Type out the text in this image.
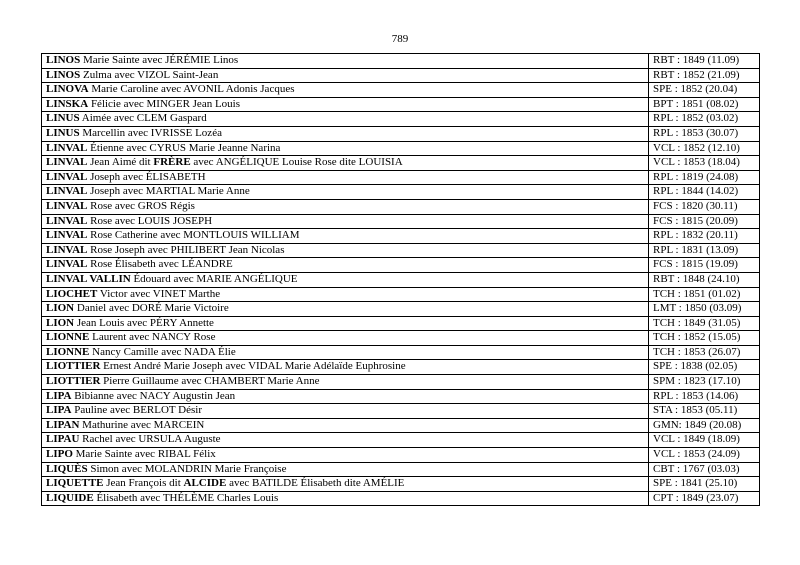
789
LINOS Marie Sainte avec JÉRÉMIE Linos	RBT : 1849 (11.09)
LINOS Zulma avec VIZOL Saint-Jean	RBT : 1852 (21.09)
LINOVA Marie Caroline avec AVONIL Adonis Jacques	SPE : 1852 (20.04)
LINSKA Félicie avec MINGER Jean Louis	BPT : 1851 (08.02)
LINUS Aimée avec CLEM Gaspard	RPL : 1852 (03.02)
LINUS Marcellin avec IVRISSE Lozéa	RPL : 1853 (30.07)
LINVAL Étienne avec CYRUS Marie Jeanne Narina	VCL : 1852 (12.10)
LINVAL Jean Aimé dit FRÈRE avec ANGÉLIQUE Louise Rose dite LOUISIA	VCL : 1853 (18.04)
LINVAL Joseph avec ÉLISABETH	RPL : 1819 (24.08)
LINVAL Joseph avec MARTIAL Marie Anne	RPL : 1844 (14.02)
LINVAL Rose avec GROS Régis	FCS : 1820 (30.11)
LINVAL Rose avec LOUIS JOSEPH	FCS : 1815 (20.09)
LINVAL Rose Catherine avec MONTLOUIS WILLIAM	RPL : 1832 (20.11)
LINVAL Rose Joseph avec PHILIBERT Jean Nicolas	RPL : 1831 (13.09)
LINVAL Rose Élisabeth avec LÉANDRE	FCS : 1815 (19.09)
LINVAL VALLIN Édouard avec MARIE ANGÉLIQUE	RBT : 1848 (24.10)
LIOCHET Victor avec VINET Marthe	TCH : 1851 (01.02)
LION Daniel avec DORÉ Marie Victoire	LMT : 1850 (03.09)
LION Jean Louis avec PÉRY Annette	TCH : 1849 (31.05)
LIONNE Laurent avec NANCY Rose	TCH : 1852 (15.05)
LIONNE Nancy Camille avec NADA Élie	TCH : 1853 (26.07)
LIOTTIER Ernest André Marie Joseph avec VIDAL Marie Adélaïde Euphrosine	SPE : 1838 (02.05)
LIOTTIER Pierre Guillaume avec CHAMBERT Marie Anne	SPM : 1823 (17.10)
LIPA Bibianne avec NACY Augustin Jean	RPL : 1853 (14.06)
LIPA Pauline avec BERLOT Désir	STA : 1853 (05.11)
LIPAN Mathurine avec MARCEIN	GMN: 1849 (20.08)
LIPAU Rachel avec URSULA Auguste	VCL : 1849 (18.09)
LIPO Marie Sainte avec RIBAL Félix	VCL : 1853 (24.09)
LIQUÈS Simon avec MOLANDRIN Marie Françoise	CBT : 1767 (03.03)
LIQUETTE Jean François dit ALCIDE avec BATILDE Élisabeth dite AMÉLIE	SPE : 1841 (25.10)
LIQUIDE Élisabeth avec THÉLÈME Charles Louis	CPT : 1849 (23.07)
